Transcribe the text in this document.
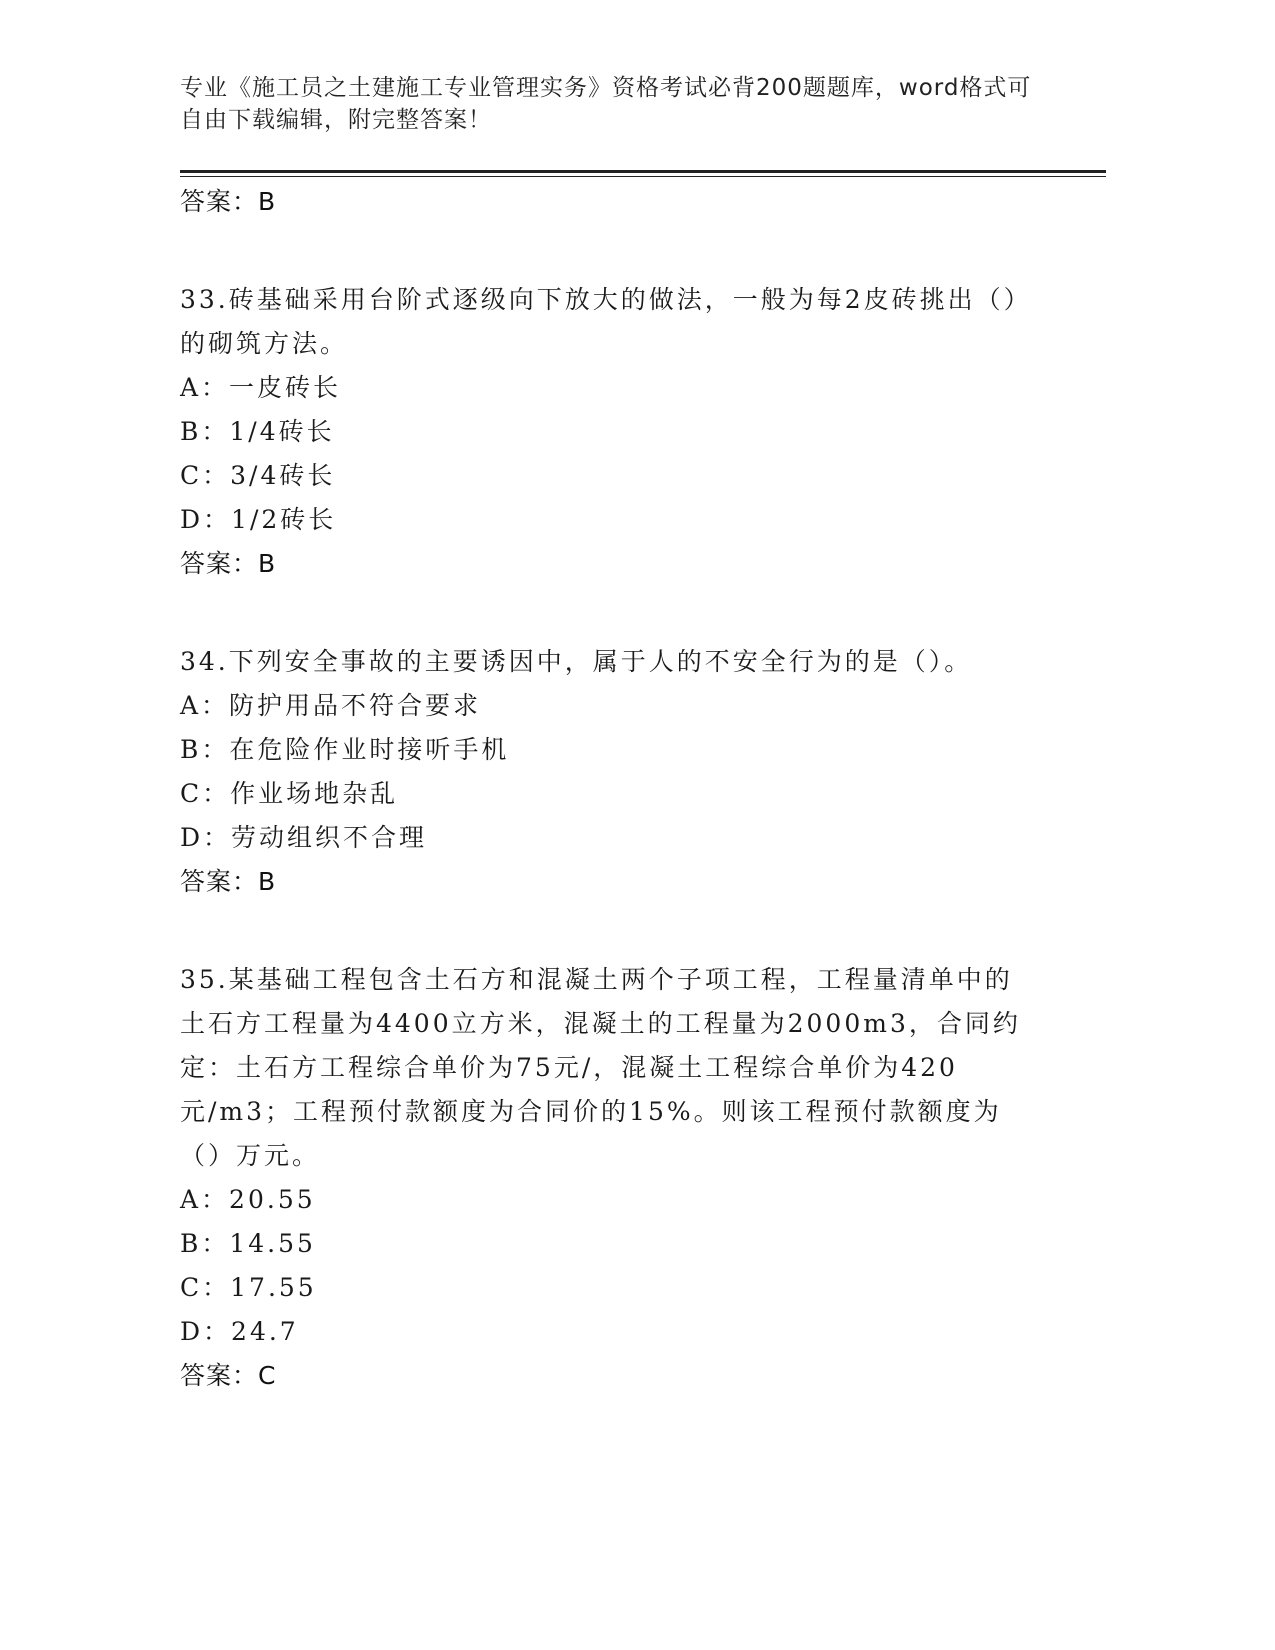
专业《施工员之土建施工专业管理实务》资格考试必背200题题库，word格式可自由下载编辑，附完整答案！

答案：B

33.砖基础采用台阶式逐级向下放大的做法，一般为每2皮砖挑出（）的砌筑方法。

A：一皮砖长

B：1/4砖长

C：3/4砖长

D：1/2砖长

答案：B

34.下列安全事故的主要诱因中，属于人的不安全行为的是（）。

A：防护用品不符合要求

B：在危险作业时接听手机

C：作业场地杂乱

D：劳动组织不合理

答案：B

35.某基础工程包含土石方和混凝土两个子项工程，工程量清单中的土石方工程量为4400立方米，混凝土的工程量为2000m3，合同约定：土石方工程综合单价为75元/，混凝土工程综合单价为420元/m3；工程预付款额度为合同价的15%。则该工程预付款额度为（）万元。

A：20.55

B：14.55

C：17.55

D：24.7

答案：C
